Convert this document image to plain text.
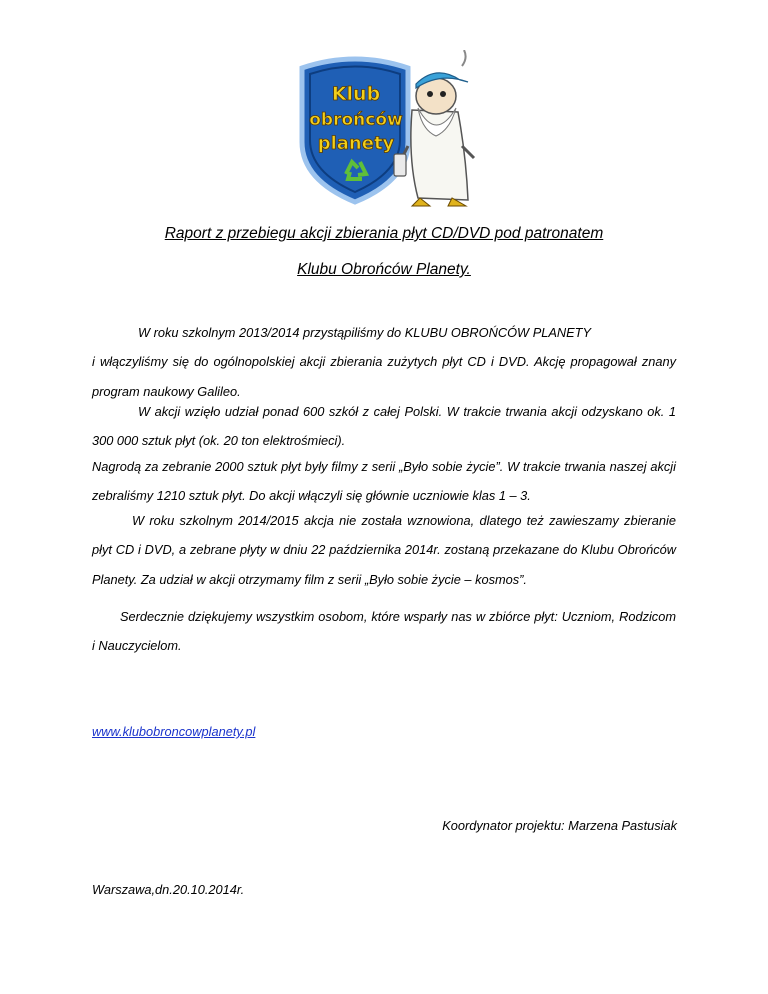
Klub
obrońców
planety
Raport z przebiegu akcji zbierania płyt CD/DVD pod patronatem
Klubu Obrońców Planety.
W roku szkolnym 2013/2014 przystąpiliśmy do KLUBU OBROŃCÓW PLANETY
i włączyliśmy się do ogólnopolskiej akcji zbierania zużytych płyt CD i DVD. Akcję propagował znany program naukowy Galileo.
W akcji wzięło udział ponad 600 szkół z całej Polski. W trakcie trwania akcji odzyskano ok. 1 300 000 sztuk płyt (ok. 20 ton elektrośmieci).
Nagrodą za zebranie 2000 sztuk płyt były filmy z serii „Było sobie życie”. W trakcie trwania naszej akcji zebraliśmy 1210 sztuk płyt. Do akcji włączyli się głównie uczniowie klas 1 – 3.
W roku szkolnym 2014/2015 akcja nie została wznowiona, dlatego też zawieszamy zbieranie płyt CD i DVD, a zebrane płyty w dniu 22 października 2014r. zostaną przekazane do Klubu Obrońców Planety. Za udział w akcji otrzymamy film z serii „Było sobie życie – kosmos”.
Serdecznie dziękujemy wszystkim osobom, które wsparły nas w zbiórce płyt: Uczniom, Rodzicom i Nauczycielom.
www.klubobroncowplanety.pl
Koordynator projektu: Marzena Pastusiak
Warszawa,dn.20.10.2014r.
